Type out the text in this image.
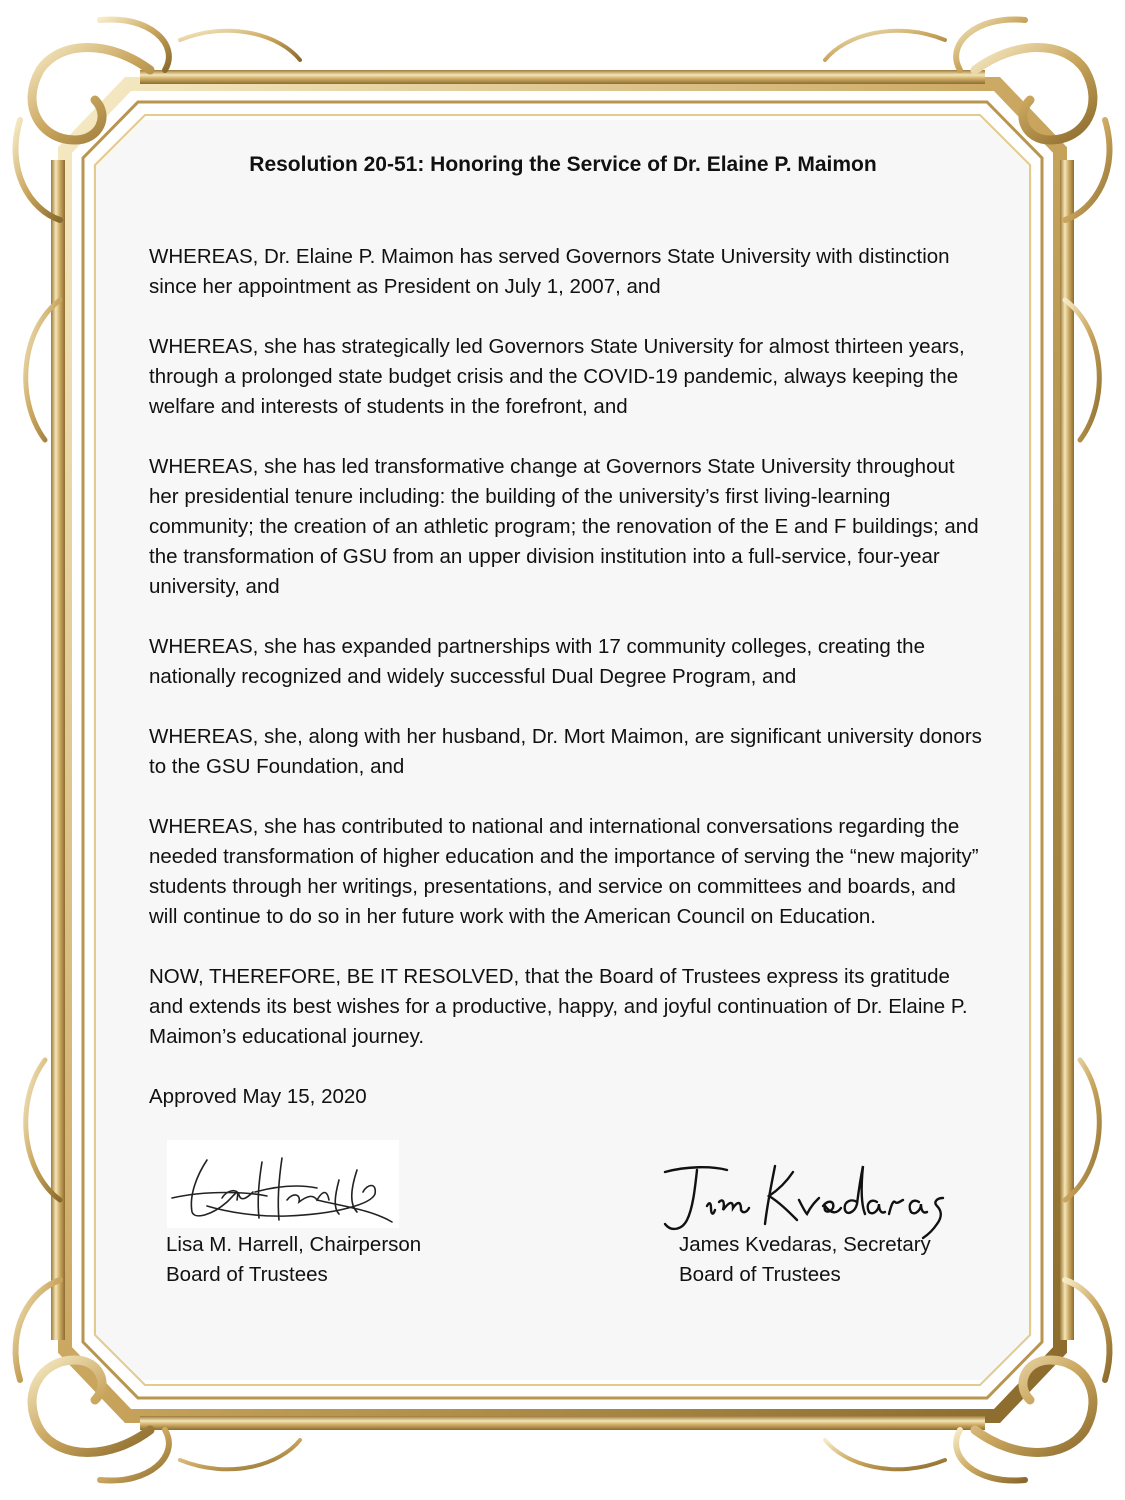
Resolution 20-51: Honoring the Service of Dr. Elaine P. Maimon

WHEREAS, Dr. Elaine P. Maimon has served Governors State University with distinction since her appointment as President on July 1, 2007, and

WHEREAS, she has strategically led Governors State University for almost thirteen years, through a prolonged state budget crisis and the COVID-19 pandemic, always keeping the welfare and interests of students in the forefront, and

WHEREAS, she has led transformative change at Governors State University throughout her presidential tenure including: the building of the university’s first living-learning community; the creation of an athletic program; the renovation of the E and F buildings; and the transformation of GSU from an upper division institution into a full-service, four-year university, and

WHEREAS, she has expanded partnerships with 17 community colleges, creating the nationally recognized and widely successful Dual Degree Program, and

WHEREAS, she, along with her husband, Dr. Mort Maimon, are significant university donors to the GSU Foundation, and

WHEREAS, she has contributed to national and international conversations regarding the needed transformation of higher education and the importance of serving the “new majority” students through her writings, presentations, and service on committees and boards, and will continue to do so in her future work with the American Council on Education.

NOW, THEREFORE, BE IT RESOLVED, that the Board of Trustees express its gratitude and extends its best wishes for a productive, happy, and joyful continuation of Dr. Elaine P. Maimon’s educational journey.

Approved May 15, 2020

Lisa M. Harrell, Chairperson
Board of Trustees
James Kvedaras, Secretary
Board of Trustees
